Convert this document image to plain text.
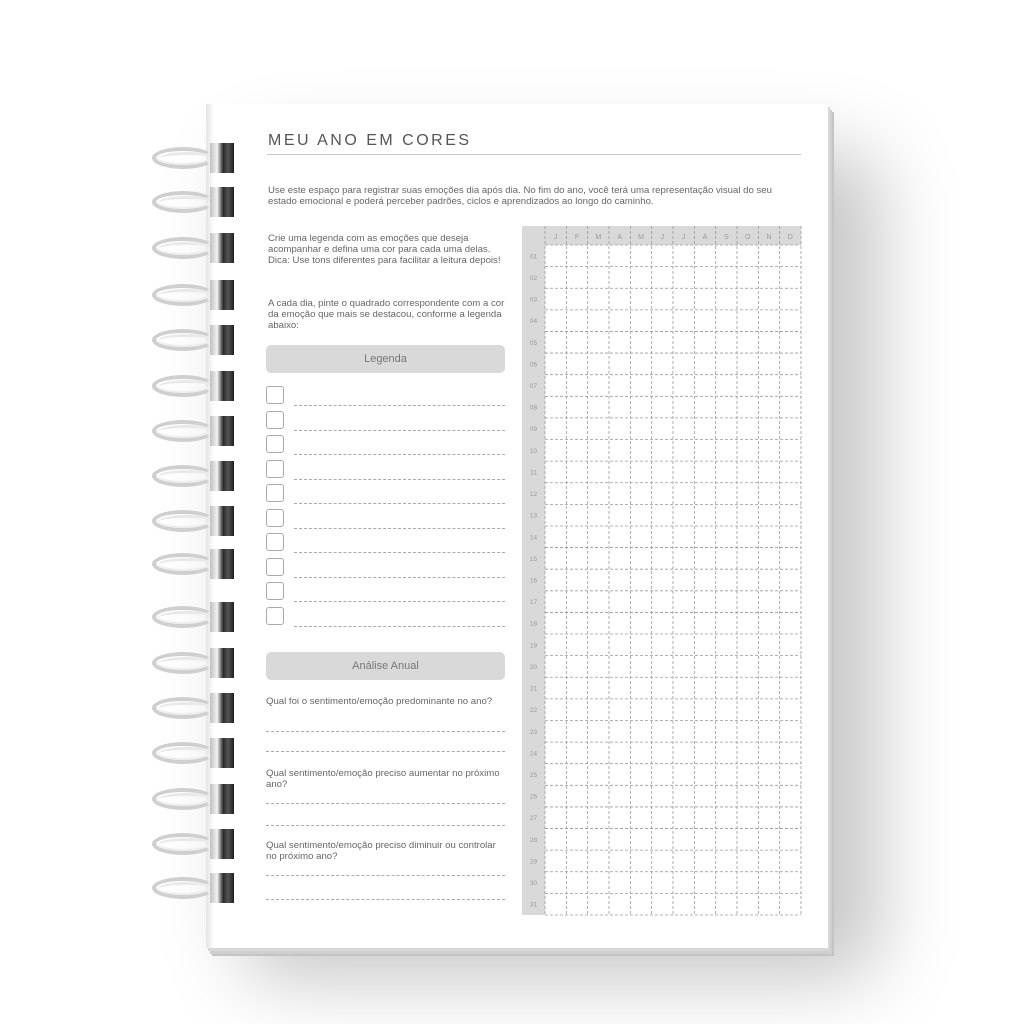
MEU ANO EM CORES
Use este espaço para registrar suas emoções dia após dia. No fim do ano, você terá uma representação visual do seu estado emocional e poderá perceber padrões, ciclos e aprendizados ao longo do caminho.
Crie uma legenda com as emoções que deseja acompanhar e defina uma cor para cada uma delas. Dica: Use tons diferentes para facilitar a leitura depois!
A cada dia, pinte o quadrado correspondente com a cor da emoção que mais se destacou, conforme a legenda abaixo:
Legenda
Análise Anual
Qual foi o sentimento/emoção predominante no ano?
Qual sentimento/emoção preciso aumentar no próximo ano?
Qual sentimento/emoção preciso diminuir ou controlar no próximo ano?
J F M A M J	J A S O N D
01
02
03
04
05
06
07
08
09
10
11
12
13
14
15
16
17
18
19
20
21
22
23
24
25
26
27
28
29
30
31
